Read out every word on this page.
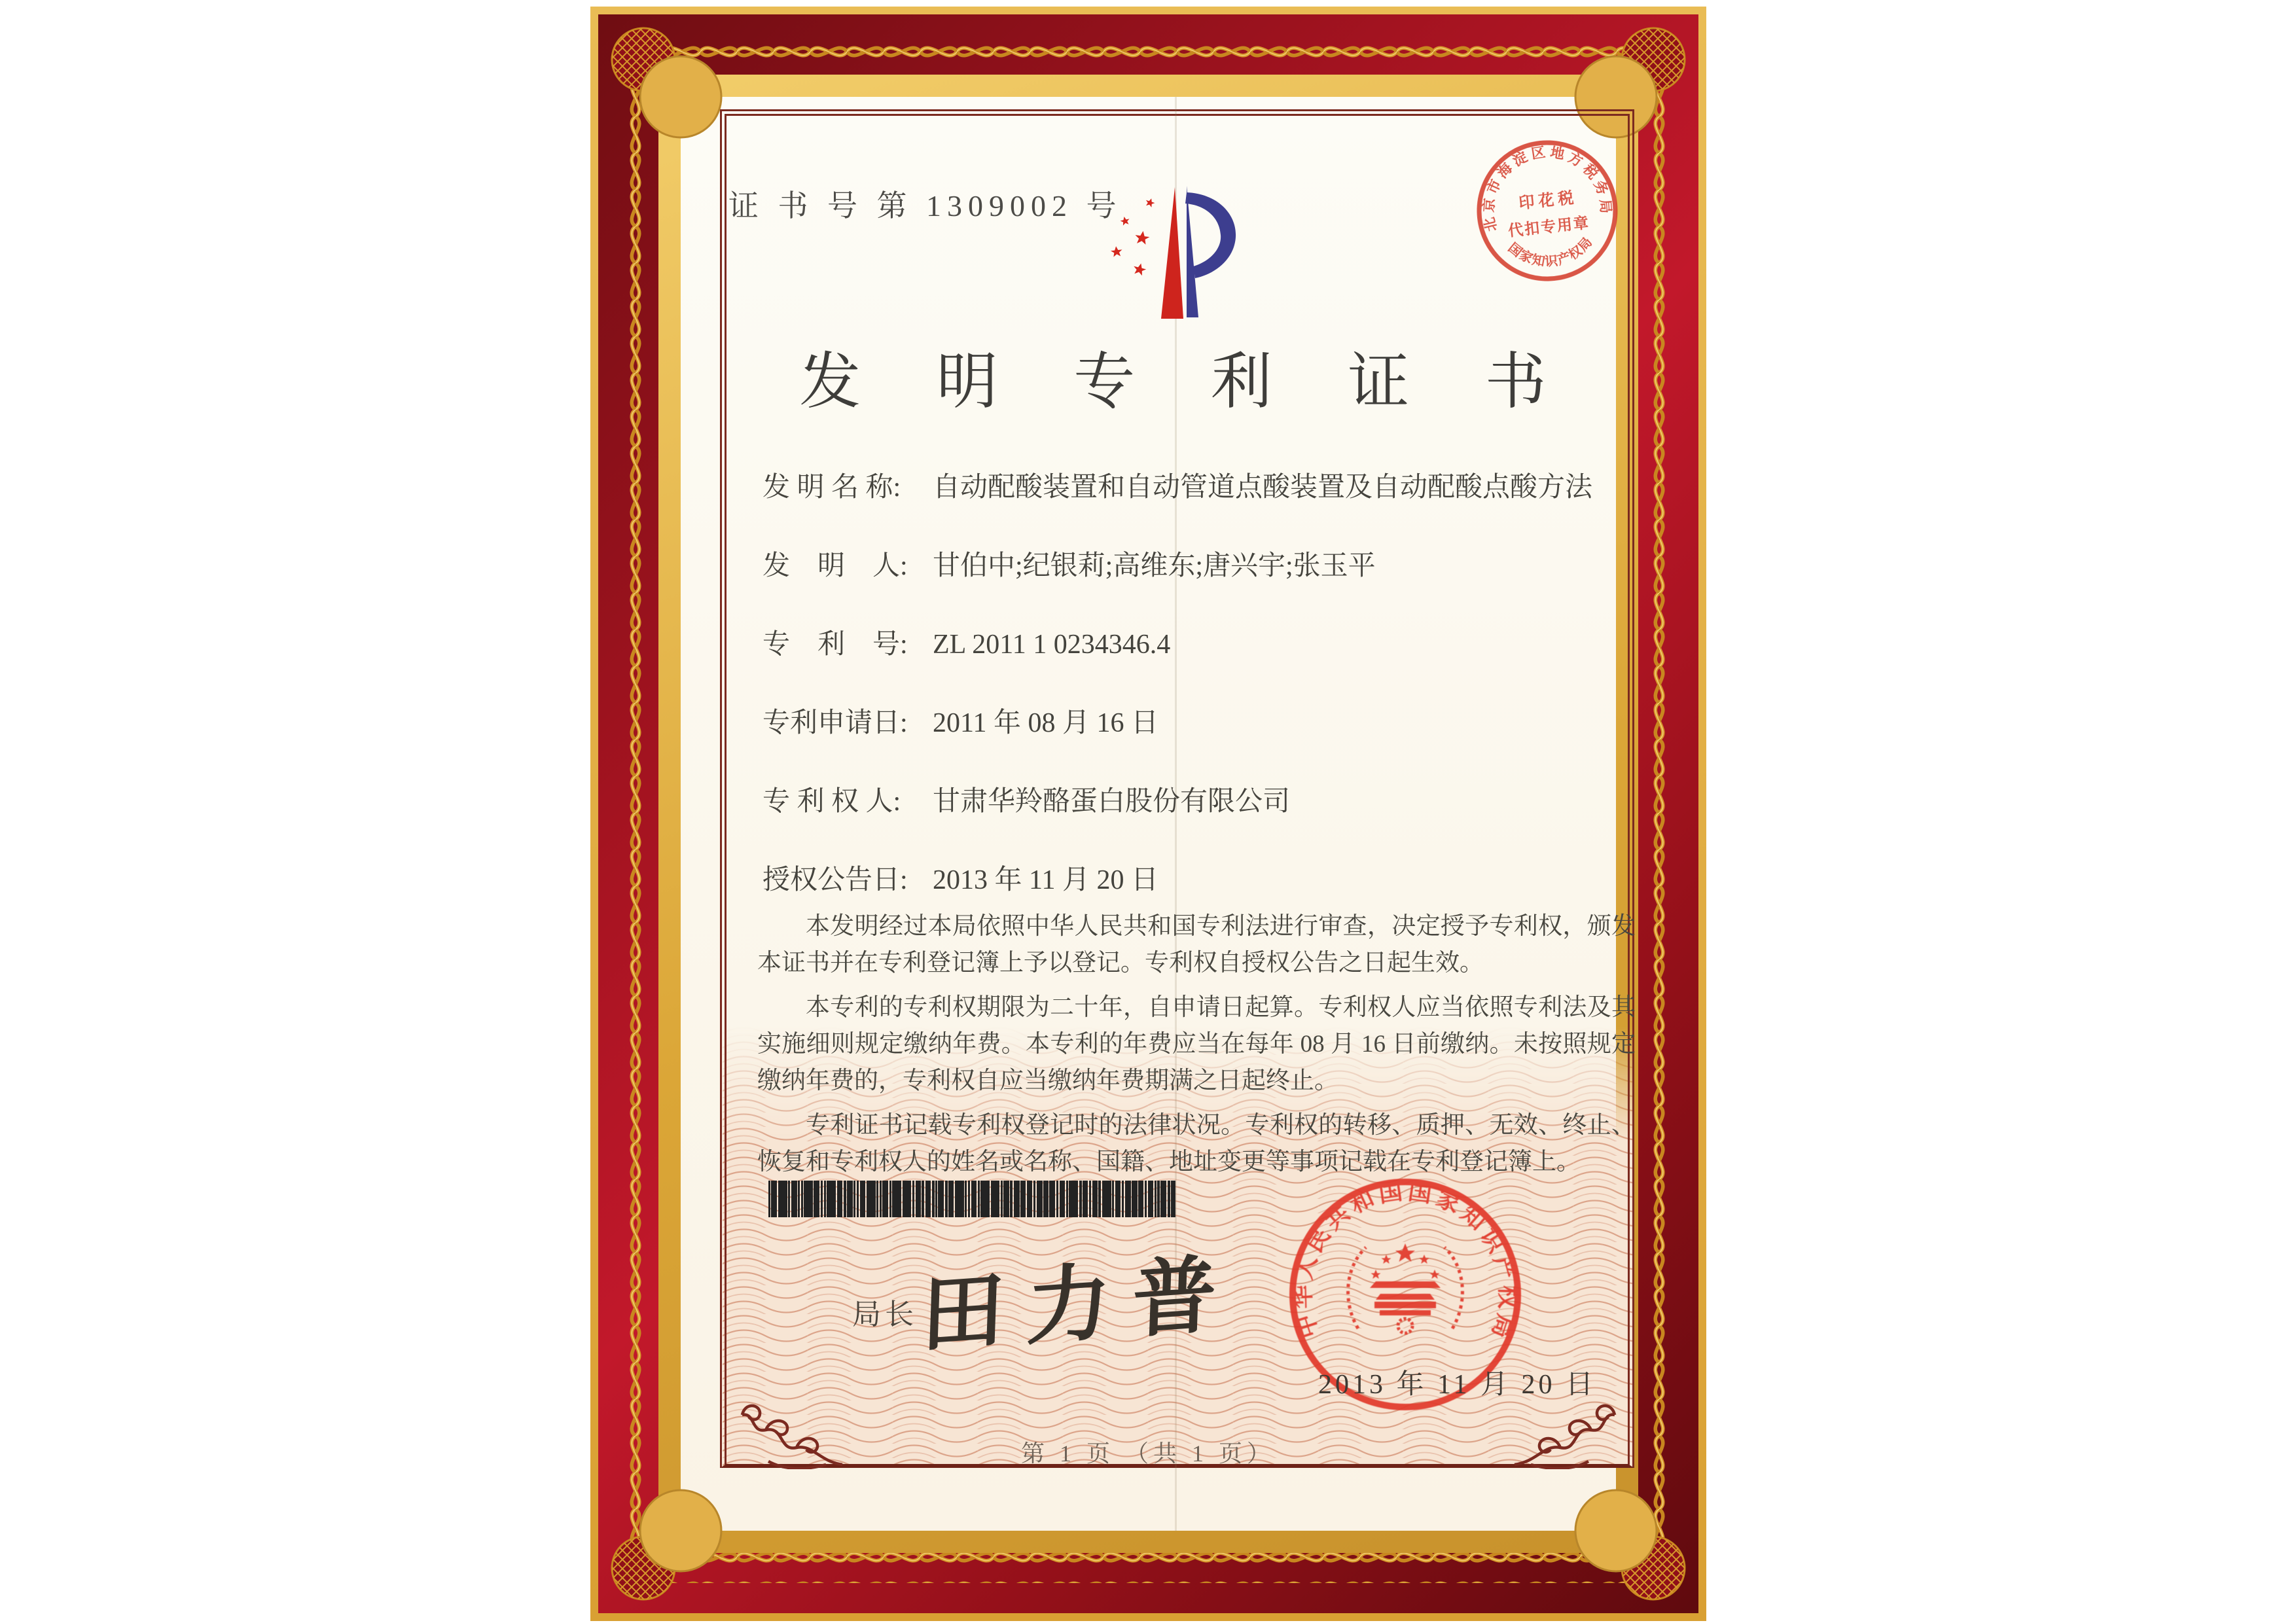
证 书 号 第 1309002 号
发 明 专 利 证 书
发 明 名 称: 自动配酸装置和自动管道点酸装置及自动配酸点酸方法
发　明　人: 甘伯中;纪银莉;高维东;唐兴宇;张玉平
专　利　号: ZL 2011 1 0234346.4
专利申请日: 2011 年 08 月 16 日
专 利 权 人: 甘肃华羚酪蛋白股份有限公司
授权公告日: 2013 年 11 月 20 日

本发明经过本局依照中华人民共和国专利法进行审查，决定授予专利权，颁发本证书并在专利登记簿上予以登记。专利权自授权公告之日起生效。

本专利的专利权期限为二十年，自申请日起算。专利权人应当依照专利法及其实施细则规定缴纳年费。本专利的年费应当在每年 08 月 16 日前缴纳。未按照规定缴纳年费的，专利权自应当缴纳年费期满之日起终止。

专利证书记载专利权登记时的法律状况。专利权的转移、质押、无效、终止、恢复和专利权人的姓名或名称、国籍、地址变更等事项记载在专利登记簿上。

局长 田力普 中华人民共和国国家知识产权局
2013 年 11 月 20 日
北京市海淀区地方税务局
国家知识产权局
印 花 税
代扣专用章
第 1 页 （共 1 页）
